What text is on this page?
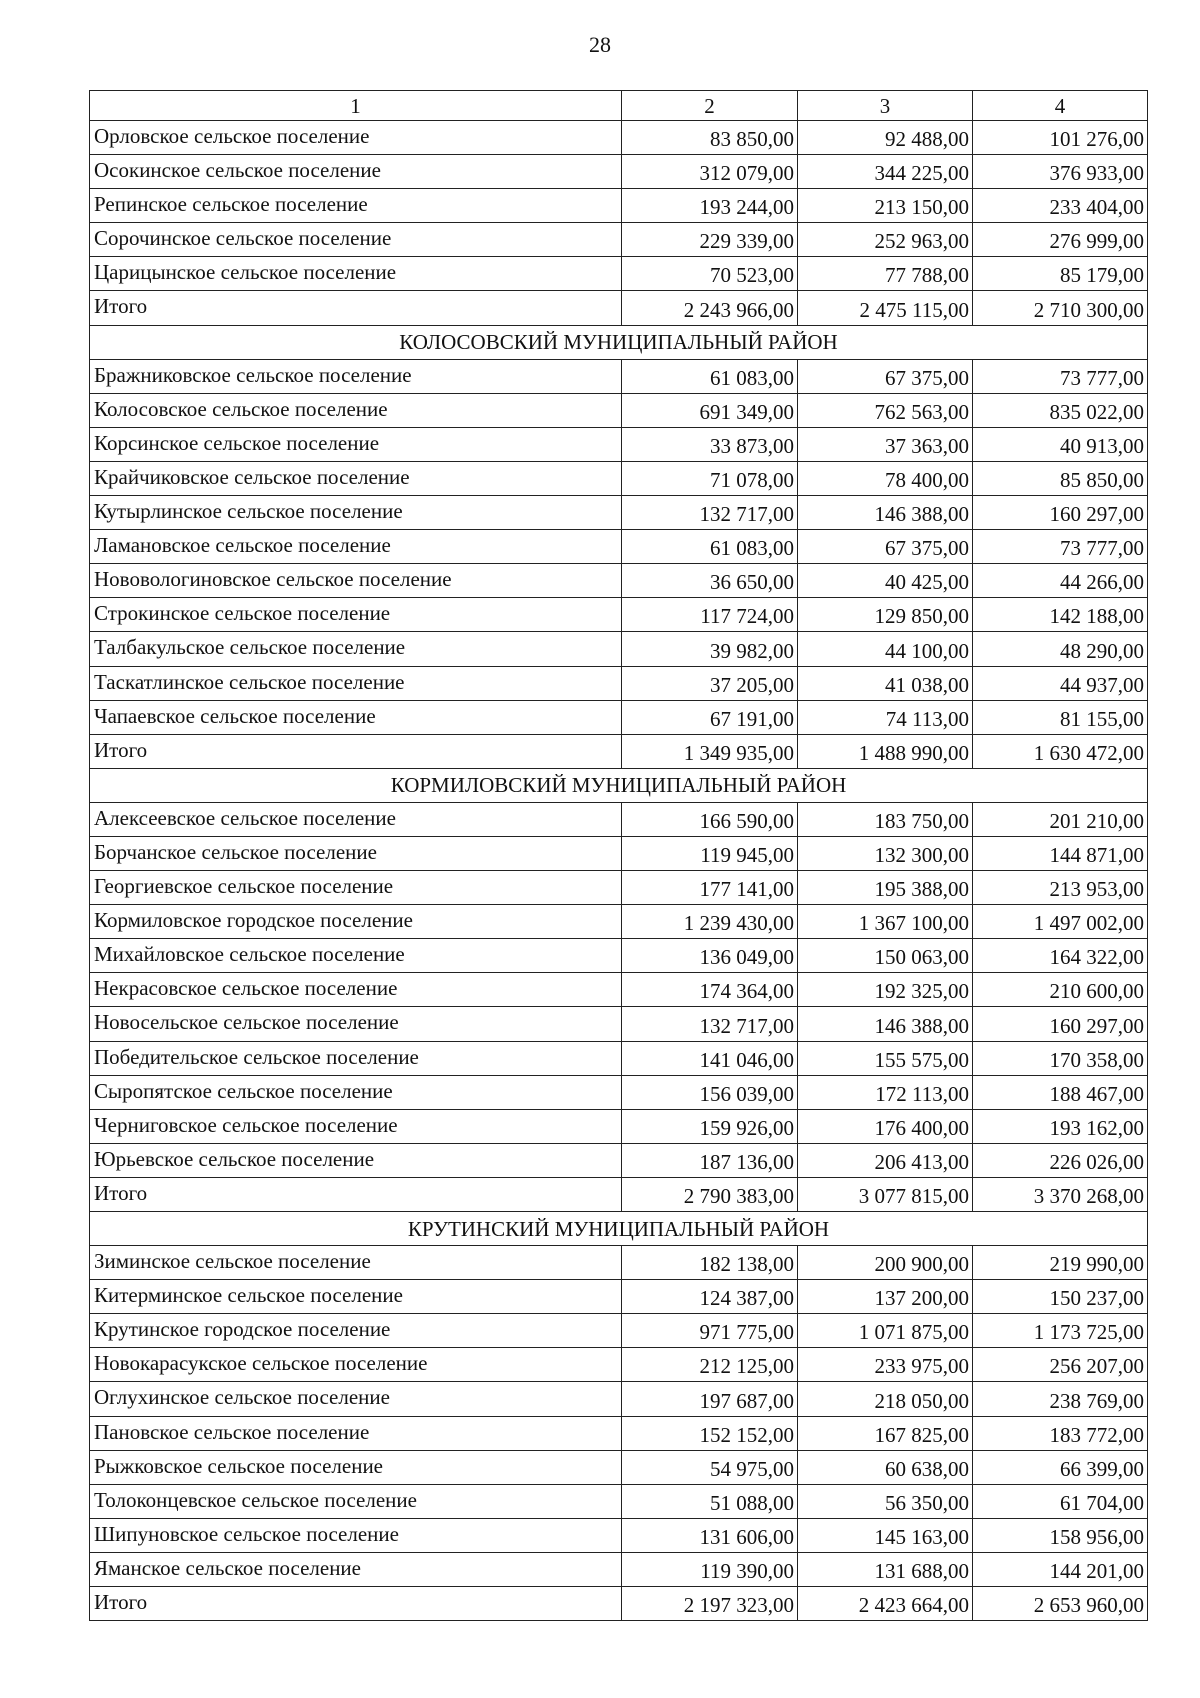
28
1	2	3	4
Орловское сельское поселение	83 850,00	92 488,00	101 276,00
Осокинское сельское поселение	312 079,00	344 225,00	376 933,00
Репинское сельское поселение	193 244,00	213 150,00	233 404,00
Сорочинское сельское поселение	229 339,00	252 963,00	276 999,00
Царицынское сельское поселение	70 523,00	77 788,00	85 179,00
Итого	2 243 966,00	2 475 115,00	2 710 300,00
КОЛОСОВСКИЙ МУНИЦИПАЛЬНЫЙ РАЙОН			
Бражниковское сельское поселение	61 083,00	67 375,00	73 777,00
Колосовское сельское поселение	691 349,00	762 563,00	835 022,00
Корсинское сельское поселение	33 873,00	37 363,00	40 913,00
Крайчиковское сельское поселение	71 078,00	78 400,00	85 850,00
Кутырлинское сельское поселение	132 717,00	146 388,00	160 297,00
Ламановское сельское поселение	61 083,00	67 375,00	73 777,00
Нововологиновское сельское поселение	36 650,00	40 425,00	44 266,00
Строкинское сельское поселение	117 724,00	129 850,00	142 188,00
Талбакульское сельское поселение	39 982,00	44 100,00	48 290,00
Таскатлинское сельское поселение	37 205,00	41 038,00	44 937,00
Чапаевское сельское поселение	67 191,00	74 113,00	81 155,00
Итого	1 349 935,00	1 488 990,00	1 630 472,00
КОРМИЛОВСКИЙ МУНИЦИПАЛЬНЫЙ РАЙОН			
Алексеевское сельское поселение	166 590,00	183 750,00	201 210,00
Борчанское сельское поселение	119 945,00	132 300,00	144 871,00
Георгиевское сельское поселение	177 141,00	195 388,00	213 953,00
Кормиловское городское поселение	1 239 430,00	1 367 100,00	1 497 002,00
Михайловское сельское поселение	136 049,00	150 063,00	164 322,00
Некрасовское сельское поселение	174 364,00	192 325,00	210 600,00
Новосельское сельское поселение	132 717,00	146 388,00	160 297,00
Победительское сельское поселение	141 046,00	155 575,00	170 358,00
Сыропятское сельское поселение	156 039,00	172 113,00	188 467,00
Черниговское сельское поселение	159 926,00	176 400,00	193 162,00
Юрьевское сельское поселение	187 136,00	206 413,00	226 026,00
Итого	2 790 383,00	3 077 815,00	3 370 268,00
КРУТИНСКИЙ МУНИЦИПАЛЬНЫЙ РАЙОН			
Зиминское сельское поселение	182 138,00	200 900,00	219 990,00
Китерминское сельское поселение	124 387,00	137 200,00	150 237,00
Крутинское городское поселение	971 775,00	1 071 875,00	1 173 725,00
Новокарасукское сельское поселение	212 125,00	233 975,00	256 207,00
Оглухинское сельское поселение	197 687,00	218 050,00	238 769,00
Пановское сельское поселение	152 152,00	167 825,00	183 772,00
Рыжковское сельское поселение	54 975,00	60 638,00	66 399,00
Толоконцевское сельское поселение	51 088,00	56 350,00	61 704,00
Шипуновское сельское поселение	131 606,00	145 163,00	158 956,00
Яманское сельское поселение	119 390,00	131 688,00	144 201,00
Итого	2 197 323,00	2 423 664,00	2 653 960,00
